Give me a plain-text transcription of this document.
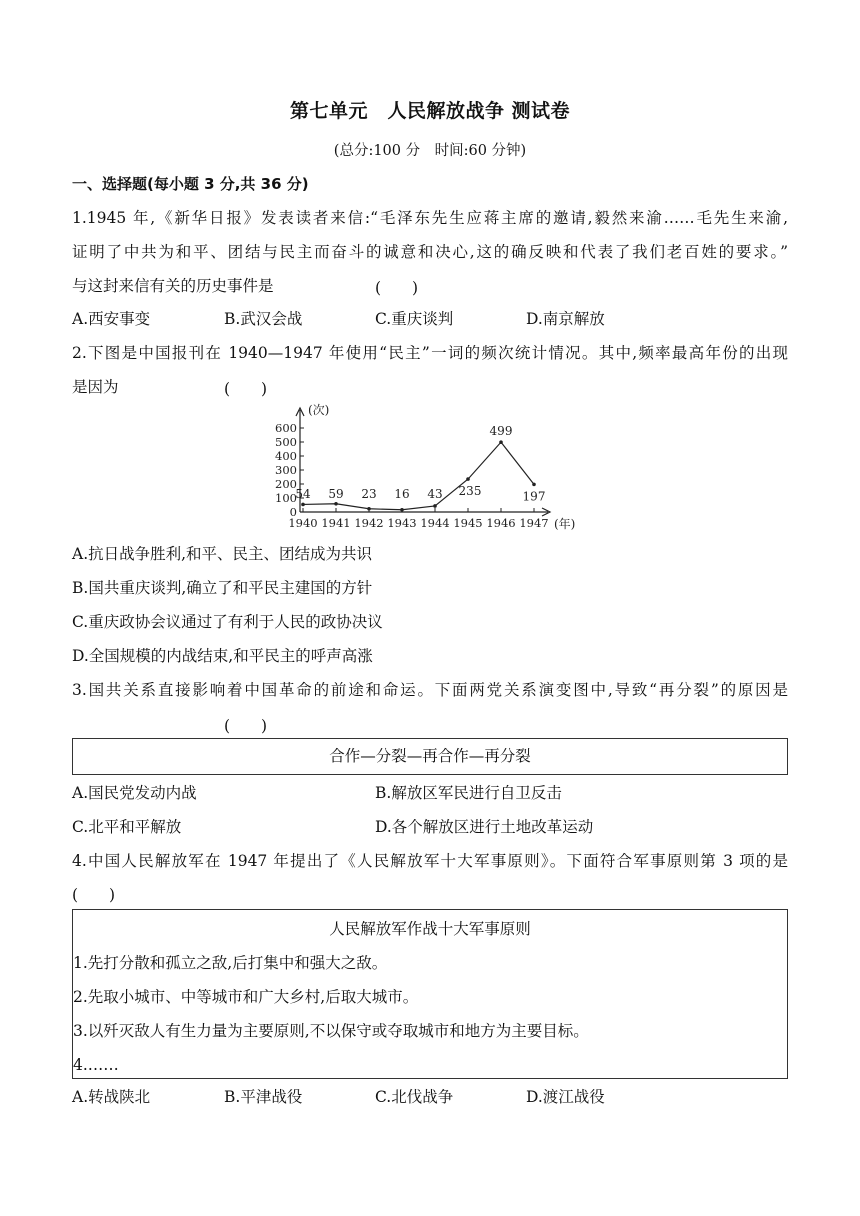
第七单元　人民解放战争 测试卷
(总分:100 分　时间:60 分钟)
一、选择题(每小题 3 分,共 36 分)
1.1945 年,《新华日报》发表读者来信:“毛泽东先生应蒋主席的邀请,毅然来渝……毛先生来渝,
证明了中共为和平、团结与民主而奋斗的诚意和决心,这的确反映和代表了我们老百姓的要求。”
与这封来信有关的历史事件是	(　　)
A.西安事变	B.武汉会战	C.重庆谈判	D.南京解放
2.下图是中国报刊在 1940—1947 年使用“民主”一词的频次统计情况。其中,频率最高年份的出现
是因为	(　　)
0
100
200
300
400
500
600
1940 1941 1942 1943 1944 1945 1946 1947
(次)
(年)
54 59 23 16 43 235
499
197
A.抗日战争胜利,和平、民主、团结成为共识
B.国共重庆谈判,确立了和平民主建国的方针
C.重庆政协会议通过了有利于人民的政协决议
D.全国规模的内战结束,和平民主的呼声高涨
3.国共关系直接影响着中国革命的前途和命运。下面两党关系演变图中,导致“再分裂”的原因是
(　　)
合作—分裂—再合作—再分裂
A.国民党发动内战	B.解放区军民进行自卫反击
C.北平和平解放	D.各个解放区进行土地改革运动
4.中国人民解放军在 1947 年提出了《人民解放军十大军事原则》。下面符合军事原则第 3 项的是
(　　)
人民解放军作战十大军事原则
1.先打分散和孤立之敌,后打集中和强大之敌。
2.先取小城市、中等城市和广大乡村,后取大城市。
3.以歼灭敌人有生力量为主要原则,不以保守或夺取城市和地方为主要目标。
4.……
A.转战陕北	B.平津战役	C.北伐战争	D.渡江战役
